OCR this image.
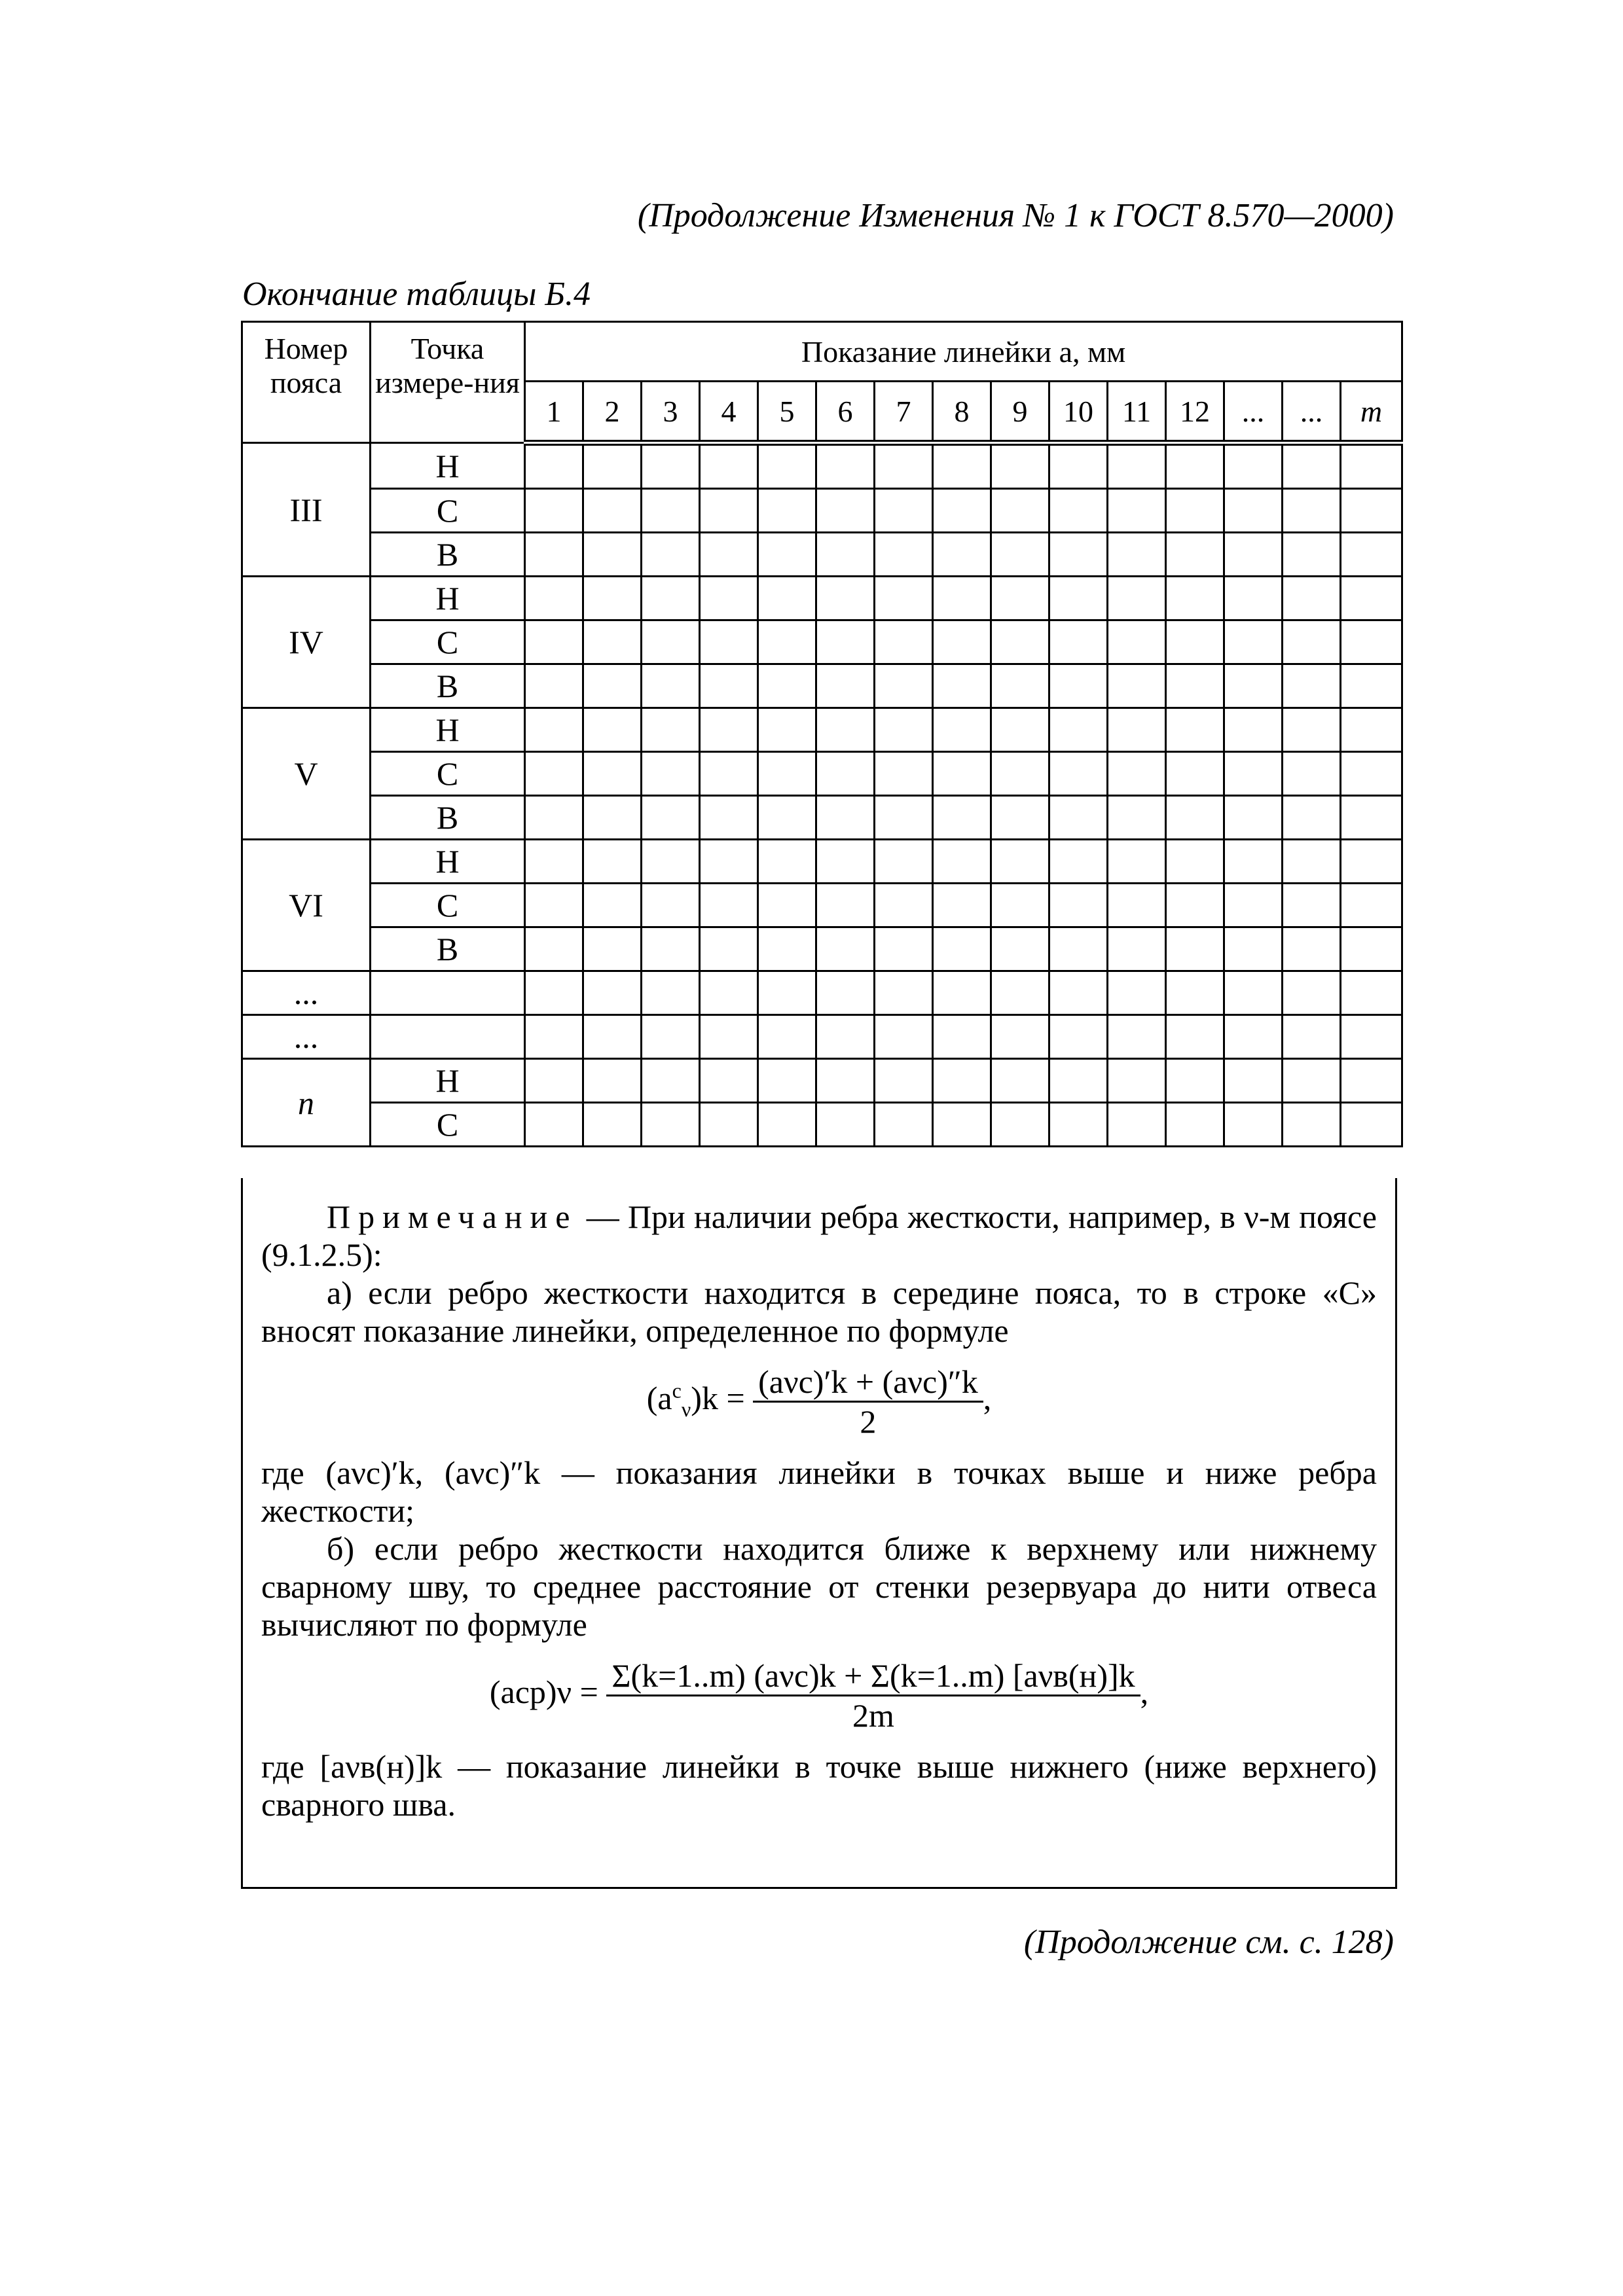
(Продолжение Изменения № 1 к ГОСТ 8.570—2000)
Окончание таблицы Б.4
Номер пояса	Точка измере-ния	Показание линейки a, мм														
		1	2	3	4	5	6	7	8	9	10	11	12	...	...	m
III	Н															
	С															
	В															
IV	Н															
	С															
	В															
V	Н															
	С															
	В															
VI	Н															
	С															
	В															
...																
...																
n	Н															
	С															

Примечание — При наличии ребра жесткости, например, в ν-м поясе (9.1.2.5):

а) если ребро жесткости находится в середине пояса, то в строке «С» вносят показание линейки, определенное по формуле

$(a^c_\nu)k = \frac{\text{(aνc)′k + (aνc)″k}}{2}$ ,

где (aνc)′k, (aνc)″k — показания линейки в точках выше и ниже ребра жесткости;

б) если ребро жесткости находится ближе к верхнему или нижнему сварному шву, то среднее расстояние от стенки резервуара до нити отвеса вычисляют по формуле

$(aср)\nu = \frac{\text{Σ(k=1..m) (aνc)k + Σ(k=1..m) [aνв(н)]k}}{2m}$ ,

где [aνв(н)]k — показание линейки в точке выше нижнего (ниже верхнего) сварного шва.

(Продолжение см. с. 128)
